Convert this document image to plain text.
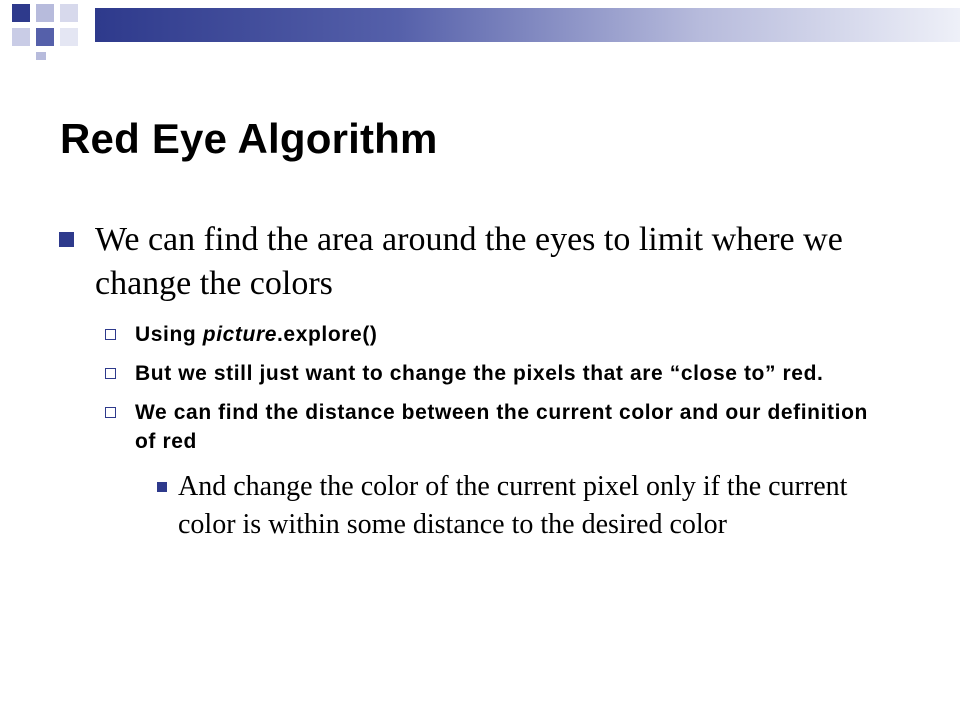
Red Eye Algorithm
We can find the area around the eyes to limit where we change the colors
Using picture.explore()
But we still just want to change the pixels that are “close to” red.
We can find the distance between the current color and our definition of red
And change the color of the current pixel only if the current color is within some distance to the desired color
